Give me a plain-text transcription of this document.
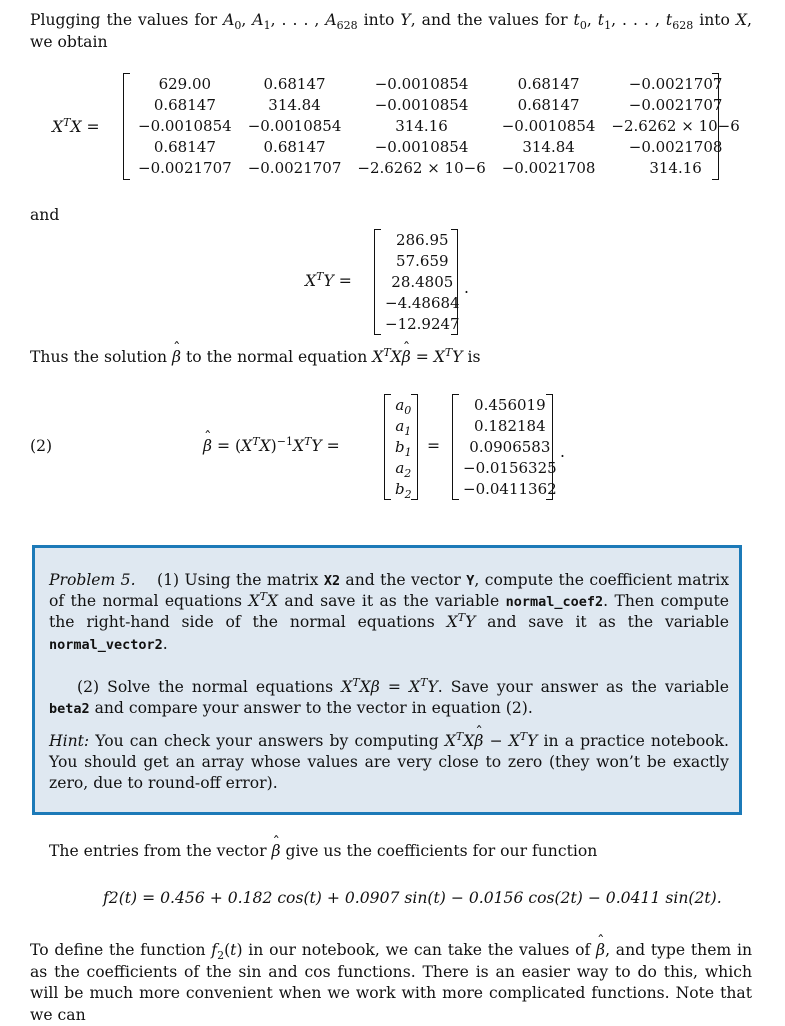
Plugging the values for $A_0$, $A_1$, . . . , $A_{628}$ into Y, and the values for $t_0$, $t_1$, . . . , $t_{628}$ into X, we obtain
$X^TX$ =
629.00	0.68147	−0.0010854	0.68147	−0.0021707
0.68147	314.84	−0.0010854	0.68147	−0.0021707
−0.0010854	−0.0010854	314.16	−0.0010854	−2.6262 × 10−6
0.68147	0.68147	−0.0010854	314.84	−0.0021708
−0.0021707	−0.0021707	−2.6262 × 10−6	−0.0021708	314.16
and
$X^TY$ =
286.95
57.659
28.4805
−4.48684
−12.9247
.
Thus the solution ˆ β to the normal equation $X^TXˆ$ $\beta = X^TY$ is
(2)	ˆ $\beta = (X^TX)^{-1}X^TY$ =
$a_0$
$a_1$
$b_1$
$a_2$
$b_2$
=
0.456019
0.182184
0.0906583
−0.0156325
−0.0411362
.
Problem 5. (1) Using the matrix X2 and the vector Y, compute the coefficient matrix of the normal equations $X^TX$ and save it as the variable normal_coef2. Then compute the right-hand side of the normal equations $X^TY$ and save it as the variable normal_vector2.
(2) Solve the normal equations $X^TX\beta = X^TY$. Save your answer as the variable beta2 and compare your answer to the vector in equation (2).
Hint: You can check your answers by computing $X^TXˆ$ $\beta - X^TY$ in a practice notebook. You should get an array whose values are very close to zero (they won’t be exactly zero, due to round-off error).
The entries from the vector ˆ β give us the coefficients for our function
f2(t) = 0.456 + 0.182 cos(t) + 0.0907 sin(t) − 0.0156 cos(2t) − 0.0411 sin(2t).
To define the function $f_2(t)$ in our notebook, we can take the values of ˆ β, and type them in as the coefficients of the sin and cos functions. There is an easier way to do this, which will be much more convenient when we work with more complicated functions. Note that we can
